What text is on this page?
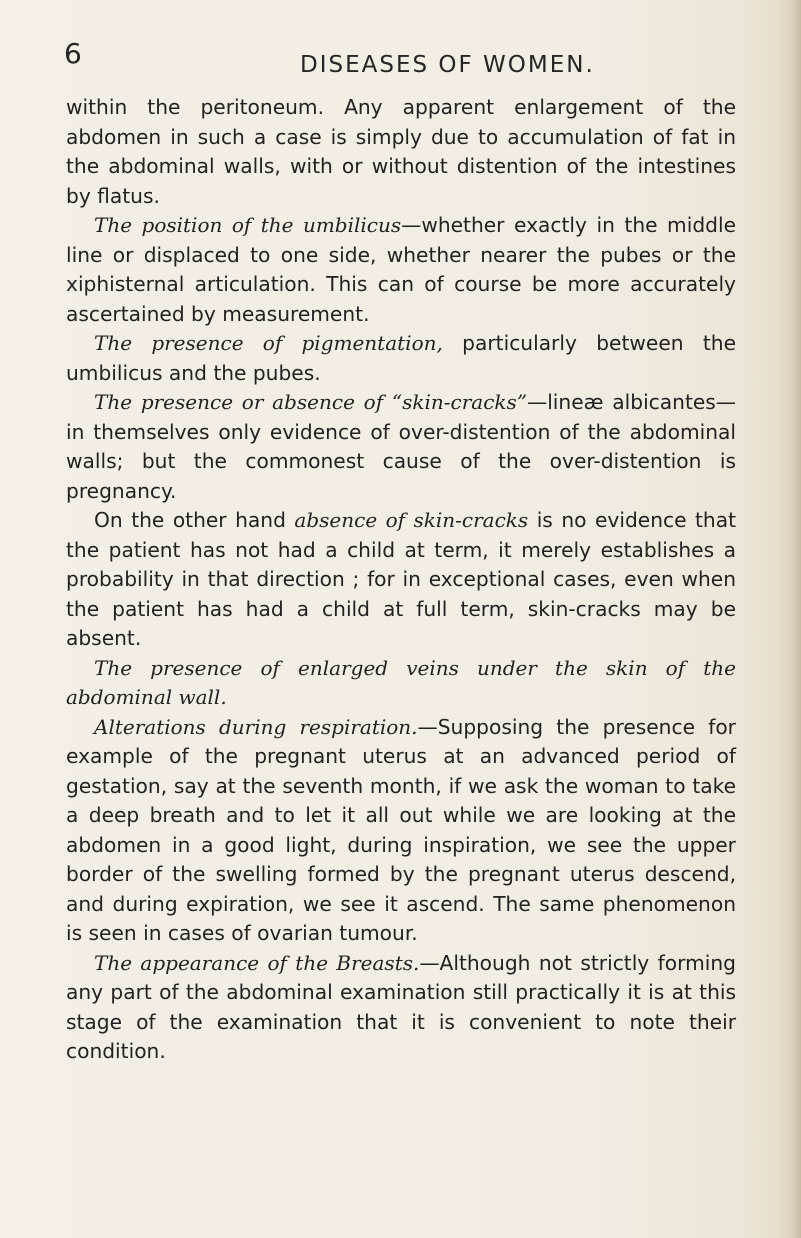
6	DISEASES OF WOMEN.

within the peritoneum. Any apparent enlargement of the abdomen in such a case is simply due to accumulation of fat in the abdominal walls, with or without distention of the intestines by flatus.

The position of the umbilicus—whether exactly in the middle line or displaced to one side, whether nearer the pubes or the xiphisternal articulation. This can of course be more accurately ascertained by measurement.

The presence of pigmentation, particularly between the umbilicus and the pubes.

The presence or absence of “skin-cracks”—lineæ albicantes—in themselves only evidence of over-distention of the abdominal walls; but the commonest cause of the over-distention is pregnancy.

On the other hand absence of skin-cracks is no evidence that the patient has not had a child at term, it merely establishes a probability in that direction ; for in exceptional cases, even when the patient has had a child at full term, skin-cracks may be absent.

The presence of enlarged veins under the skin of the abdominal wall.

Alterations during respiration.—Supposing the presence for example of the pregnant uterus at an advanced period of gestation, say at the seventh month, if we ask the woman to take a deep breath and to let it all out while we are looking at the abdomen in a good light, during inspiration, we see the upper border of the swelling formed by the pregnant uterus descend, and during expiration, we see it ascend. The same phenomenon is seen in cases of ovarian tumour.

The appearance of the Breasts.—Although not strictly forming any part of the abdominal examination still practically it is at this stage of the examination that it is convenient to note their condition.
